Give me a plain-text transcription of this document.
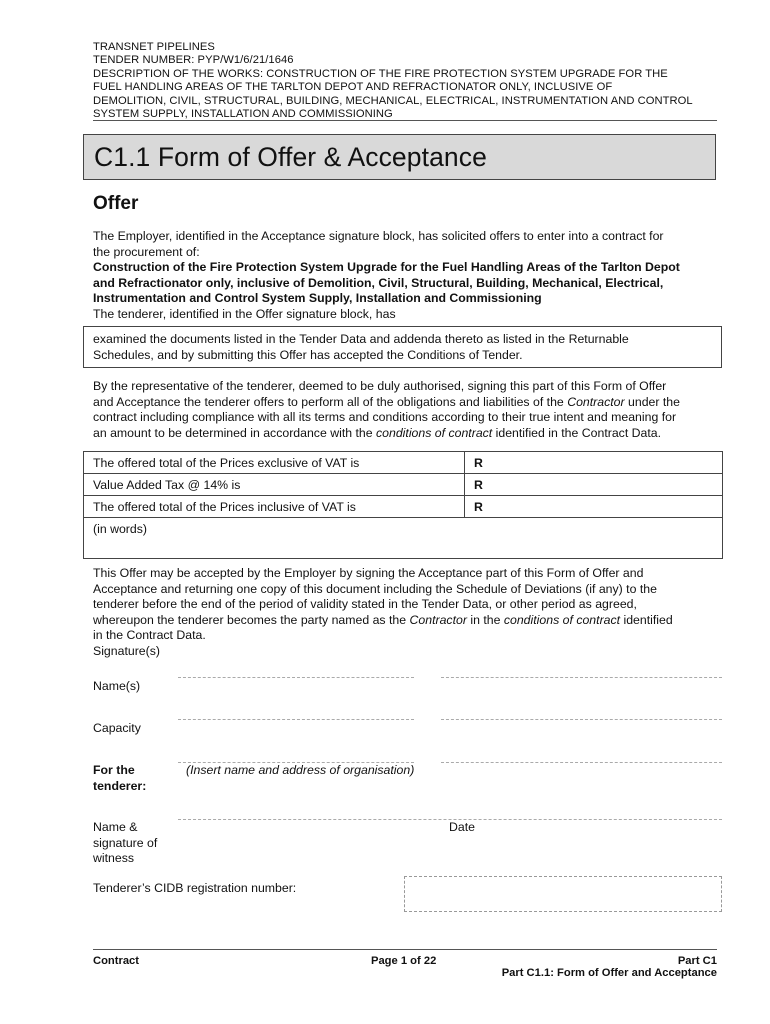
TRANSNET PIPELINES
TENDER NUMBER: PYP/W1/6/21/1646
DESCRIPTION OF THE WORKS: CONSTRUCTION OF THE FIRE PROTECTION SYSTEM UPGRADE FOR THE
FUEL HANDLING AREAS OF THE TARLTON DEPOT AND REFRACTIONATOR ONLY, INCLUSIVE OF
DEMOLITION, CIVIL, STRUCTURAL, BUILDING, MECHANICAL, ELECTRICAL, INSTRUMENTATION AND CONTROL
SYSTEM SUPPLY, INSTALLATION AND COMMISSIONING
C1.1 Form of Offer & Acceptance
Offer
The Employer, identified in the Acceptance signature block, has solicited offers to enter into a contract for
the procurement of:
Construction of the Fire Protection System Upgrade for the Fuel Handling Areas of the Tarlton Depot
and Refractionator only, inclusive of Demolition, Civil, Structural, Building, Mechanical, Electrical,
Instrumentation and Control System Supply, Installation and Commissioning
The tenderer, identified in the Offer signature block, has
examined the documents listed in the Tender Data and addenda thereto as listed in the Returnable
Schedules, and by submitting this Offer has accepted the Conditions of Tender.
By the representative of the tenderer, deemed to be duly authorised, signing this part of this Form of Offer
and Acceptance the tenderer offers to perform all of the obligations and liabilities of the Contractor under the
contract including compliance with all its terms and conditions according to their true intent and meaning for
an amount to be determined in accordance with the conditions of contract identified in the Contract Data.
The offered total of the Prices exclusive of VAT is	R
Value Added Tax @ 14% is	R
The offered total of the Prices inclusive of VAT is	R
(in words)	
This Offer may be accepted by the Employer by signing the Acceptance part of this Form of Offer and
Acceptance and returning one copy of this document including the Schedule of Deviations (if any) to the
tenderer before the end of the period of validity stated in the Tender Data, or other period as agreed,
whereupon the tenderer becomes the party named as the Contractor in the conditions of contract identified
in the Contract Data.
Signature(s)
Name(s)
Capacity
For the
tenderer:
(Insert name and address of organisation)
Name &
signature of
witness
Date
Tenderer’s CIDB registration number:
Contract	Page 1 of 22	Part C1
Part C1.1: Form of Offer and Acceptance
